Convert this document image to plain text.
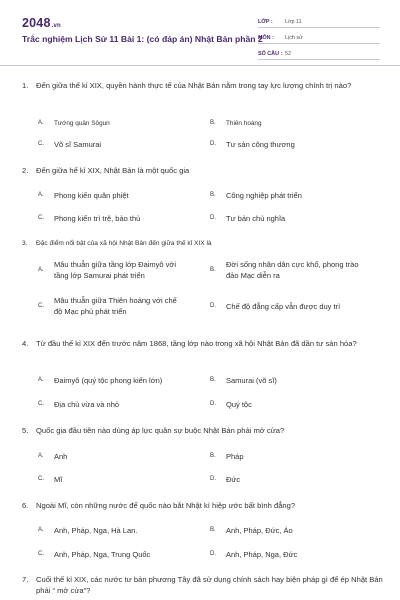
2048.vn
Trắc nghiệm Lịch Sử 11 Bài 1: (có đáp án) Nhật Bản phần 2
LỚP :	Lớp 11
MÔN :	Lịch sử
SỐ CÂU : 52
1.	Đến giữa thế kỉ XIX, quyền hành thực tế của Nhật Bản nằm trong tay lực lượng chính trị nào?
A. Tướng quân Sôgun	B. Thiên hoàng
C. Võ sĩ Samurai	D. Tư sản công thương
2.	Đến giữa hế kỉ XIX, Nhật Bản là một quốc gia
A. Phong kiến quân phiệt	B. Công nghiệp phát triển
C. Phong kiến trì trệ, bảo thủ	D. Tư bản chủ nghĩa
3.	Đặc điểm nổi bật của xã hội Nhật Bản đến giữa thế kỉ XIX là
A.
Mâu thuẫn giữa tầng lớp Đaimyô với tầng lớp Samurai phát triển
B.
Đời sống nhân dân cực khổ, phong trào đảo Mạc diễn ra
C.
Mâu thuẫn giữa Thiên hoàng với chế độ Mạc phủ phát triển
D. Chế độ đẳng cấp vẫn được duy trì
4.	Từ đầu thế kỉ XIX đến trước năm 1868, tầng lớp nào trong xã hội Nhật Bản đã dần tư sản hóa?
A. Đaimyô (quý tộc phong kiến lớn)	B. Samurai (võ sĩ)
C. Địa chủ vừa và nhỏ	D. Quý tộc
5.	Quốc gia đầu tiên nào dùng áp lực quân sự buộc Nhật Bản phải mở cửa?
A. Anh	B. Pháp
C. Mĩ	D. Đức
6.	Ngoài Mĩ, còn những nước đế quốc nào bắt Nhật kí hiệp ước bất bình đẳng?
A. Anh, Pháp, Nga, Hà Lan.	B. Anh, Pháp, Đức, Áo
C. Anh, Pháp, Nga, Trung Quốc	D. Anh, Pháp, Nga, Đức
7.	Cuối thế kỉ XIX, các nước tư bản phương Tây đã sử dụng chính sách hay biện pháp gì để ép Nhật Bản phải “ mở cửa”?
